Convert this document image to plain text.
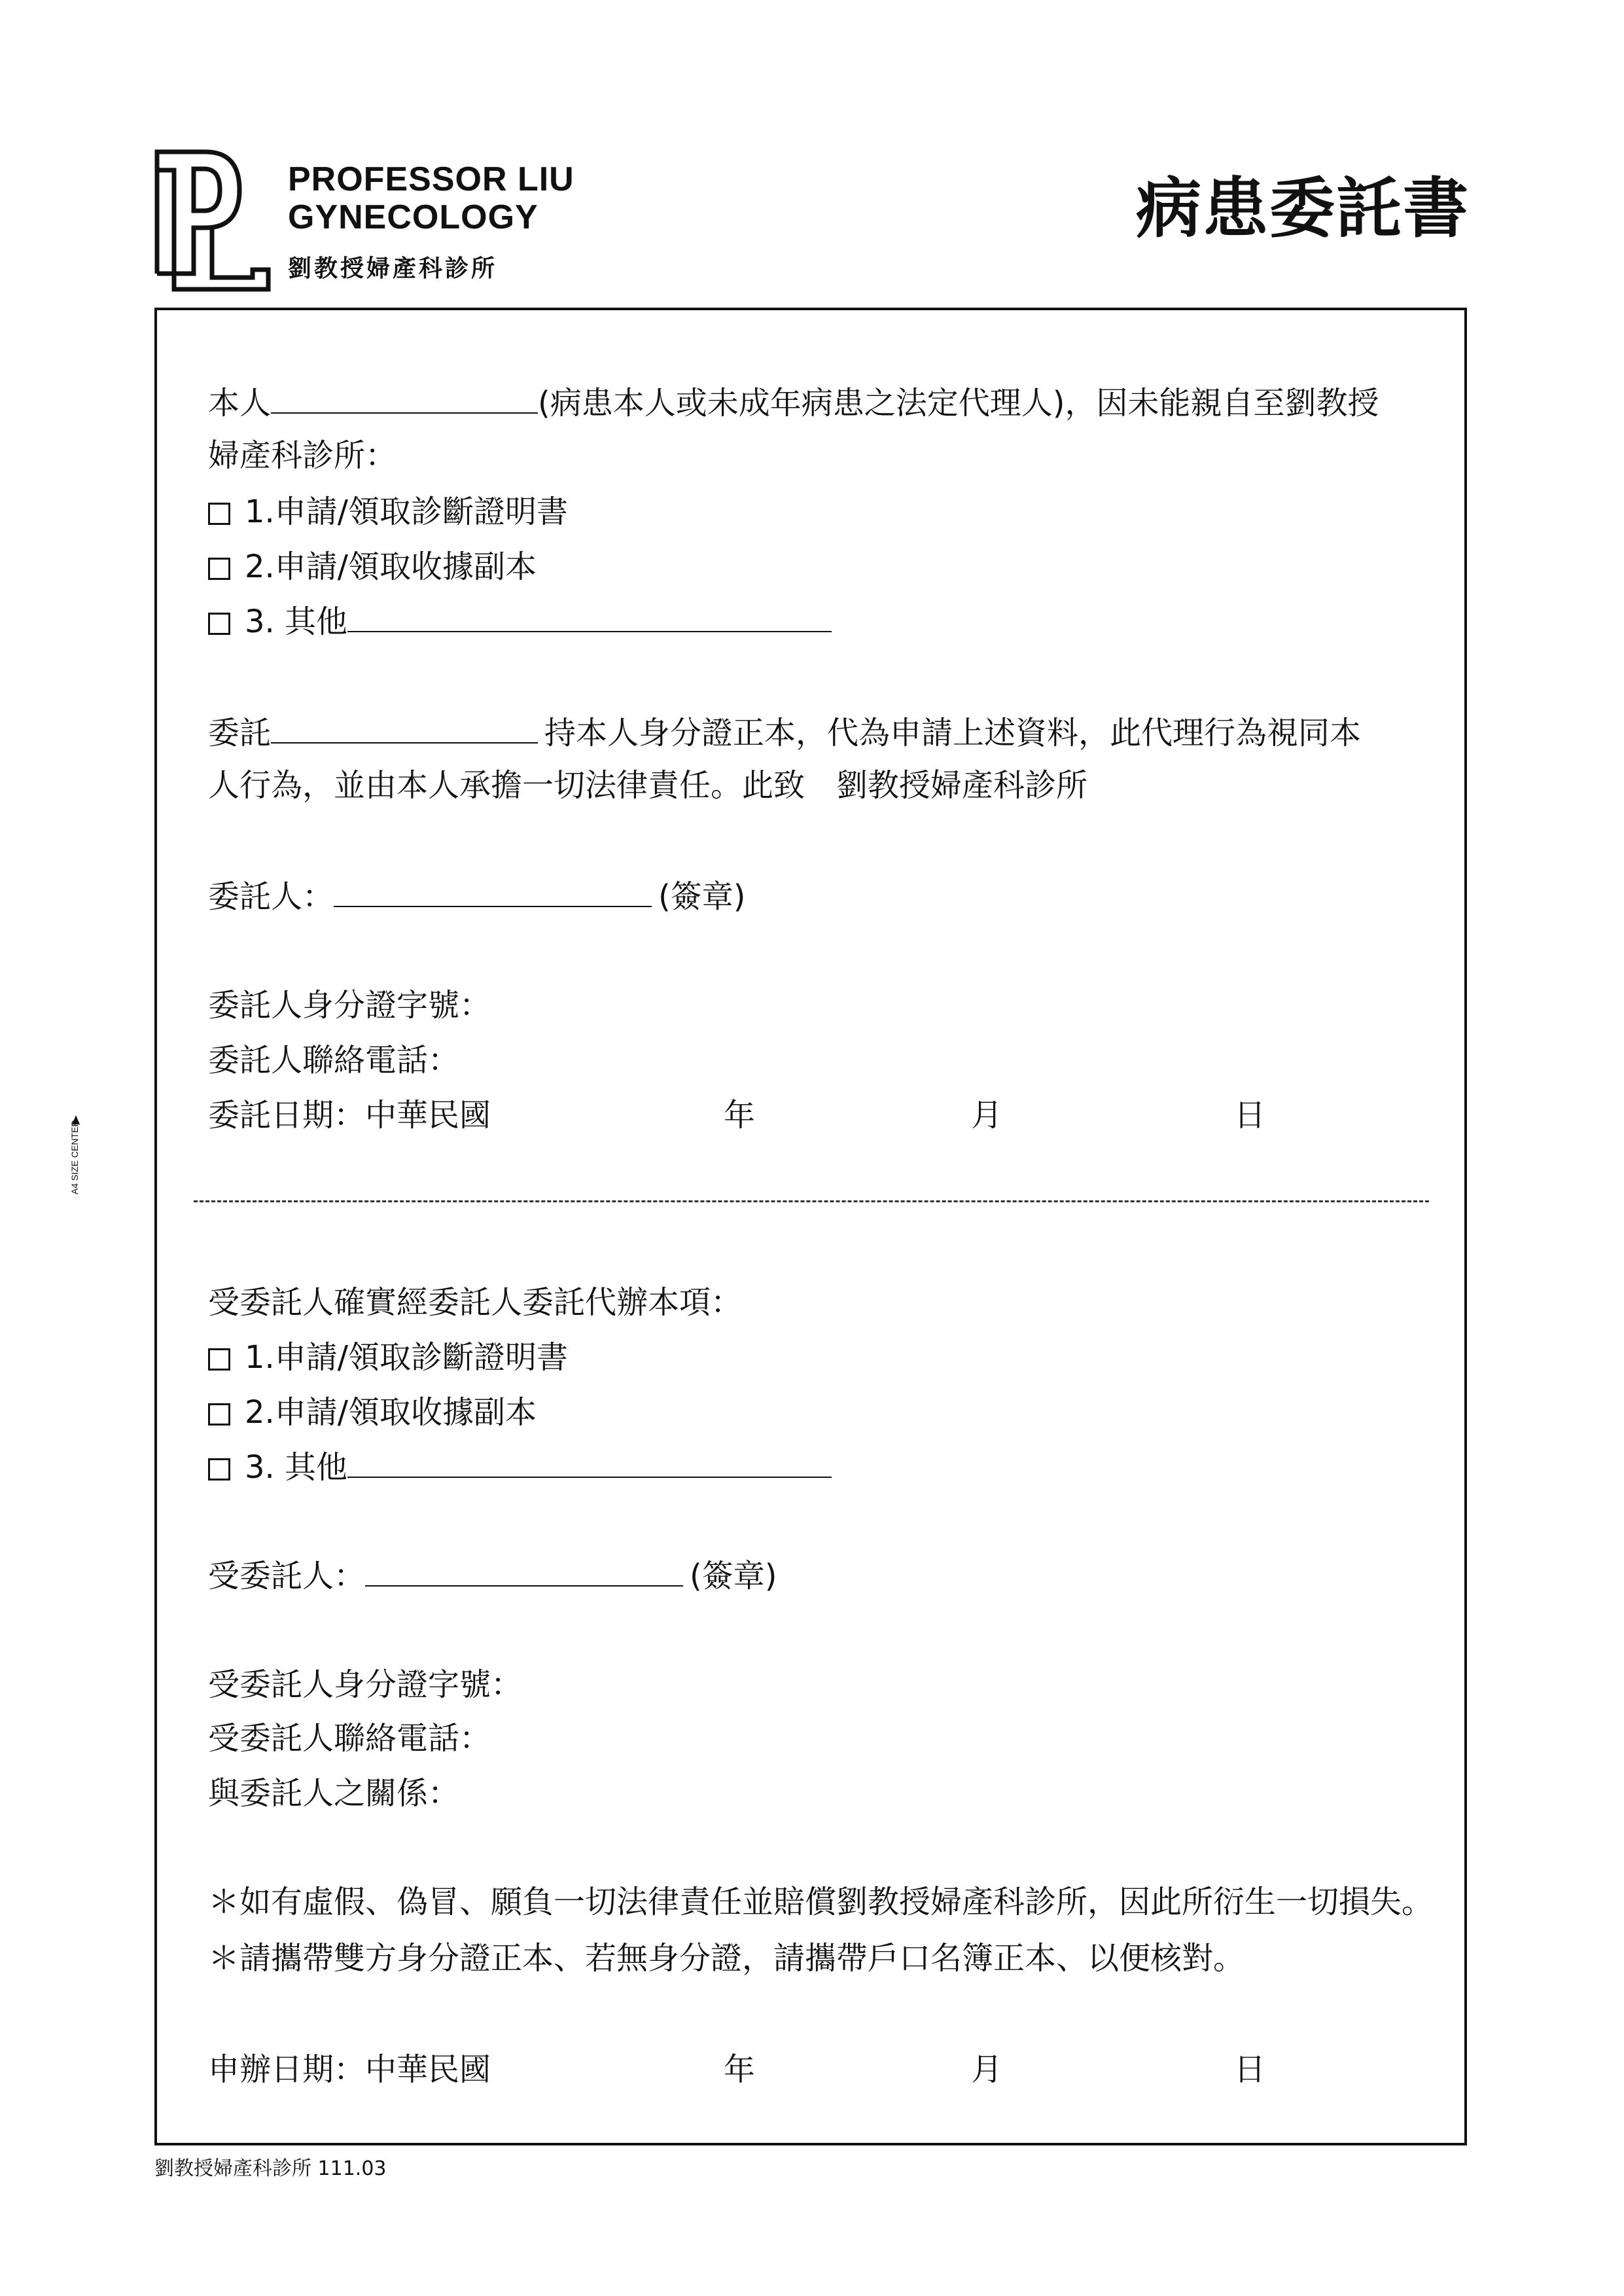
PROFESSOR LIU
GYNECOLOGY
劉教授婦產科診所
病患委託書
A4 SIZE CENTER
本人	(病患本人或未成年病患之法定代理人)，因未能親自至劉教授
婦產科診所：
1.申請/領取診斷證明書
2.申請/領取收據副本
3. 其他
委託	持本人身分證正本，代為申請上述資料，此代理行為視同本
人行為，並由本人承擔一切法律責任。此致　劉教授婦產科診所
委託人：	(簽章)
委託人身分證字號：
委託人聯絡電話：
委託日期：中華民國	年	月	日
受委託人確實經委託人委託代辦本項：
1.申請/領取診斷證明書
2.申請/領取收據副本
3. 其他
受委託人：	(簽章)
受委託人身分證字號：
受委託人聯絡電話：
與委託人之關係：
＊如有虛假、偽冒、願負一切法律責任並賠償劉教授婦產科診所，因此所衍生一切損失。
＊請攜帶雙方身分證正本、若無身分證，請攜帶戶口名簿正本、以便核對。
申辦日期：中華民國	年	月	日
劉教授婦產科診所 111.03
